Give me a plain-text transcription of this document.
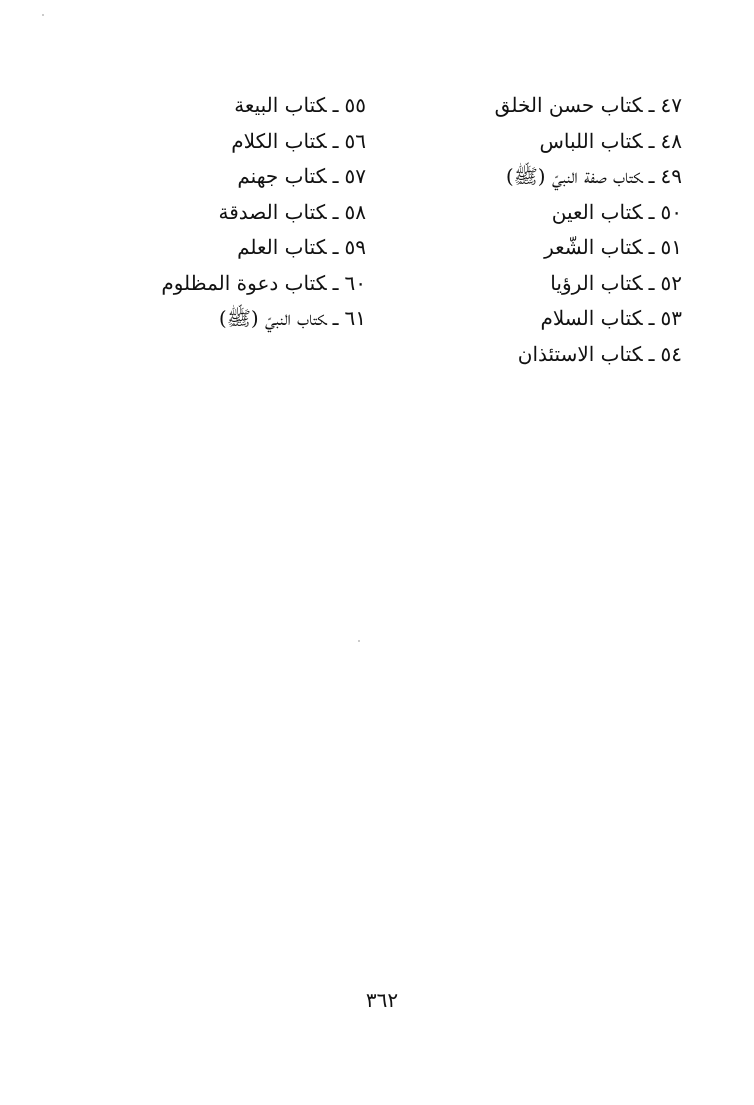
٤٧ـكتاب حسن الخلق
٤٨ـكتاب اللباس
٤٩ـكتاب صفة النبيّ (ﷺ)
٥٠ـكتاب العين
٥١ـكتاب الشّعر
٥٢ـكتاب الرؤيا
٥٣ـكتاب السلام
٥٤ـكتاب الاستئذان
٥٥ـكتاب البيعة
٥٦ـكتاب الكلام
٥٧ـكتاب جهنم
٥٨ـكتاب الصدقة
٥٩ـكتاب العلم
٦٠ـكتاب دعوة المظلوم
٦١ـكتاب النبيّ (ﷺ)
٣٦٢
